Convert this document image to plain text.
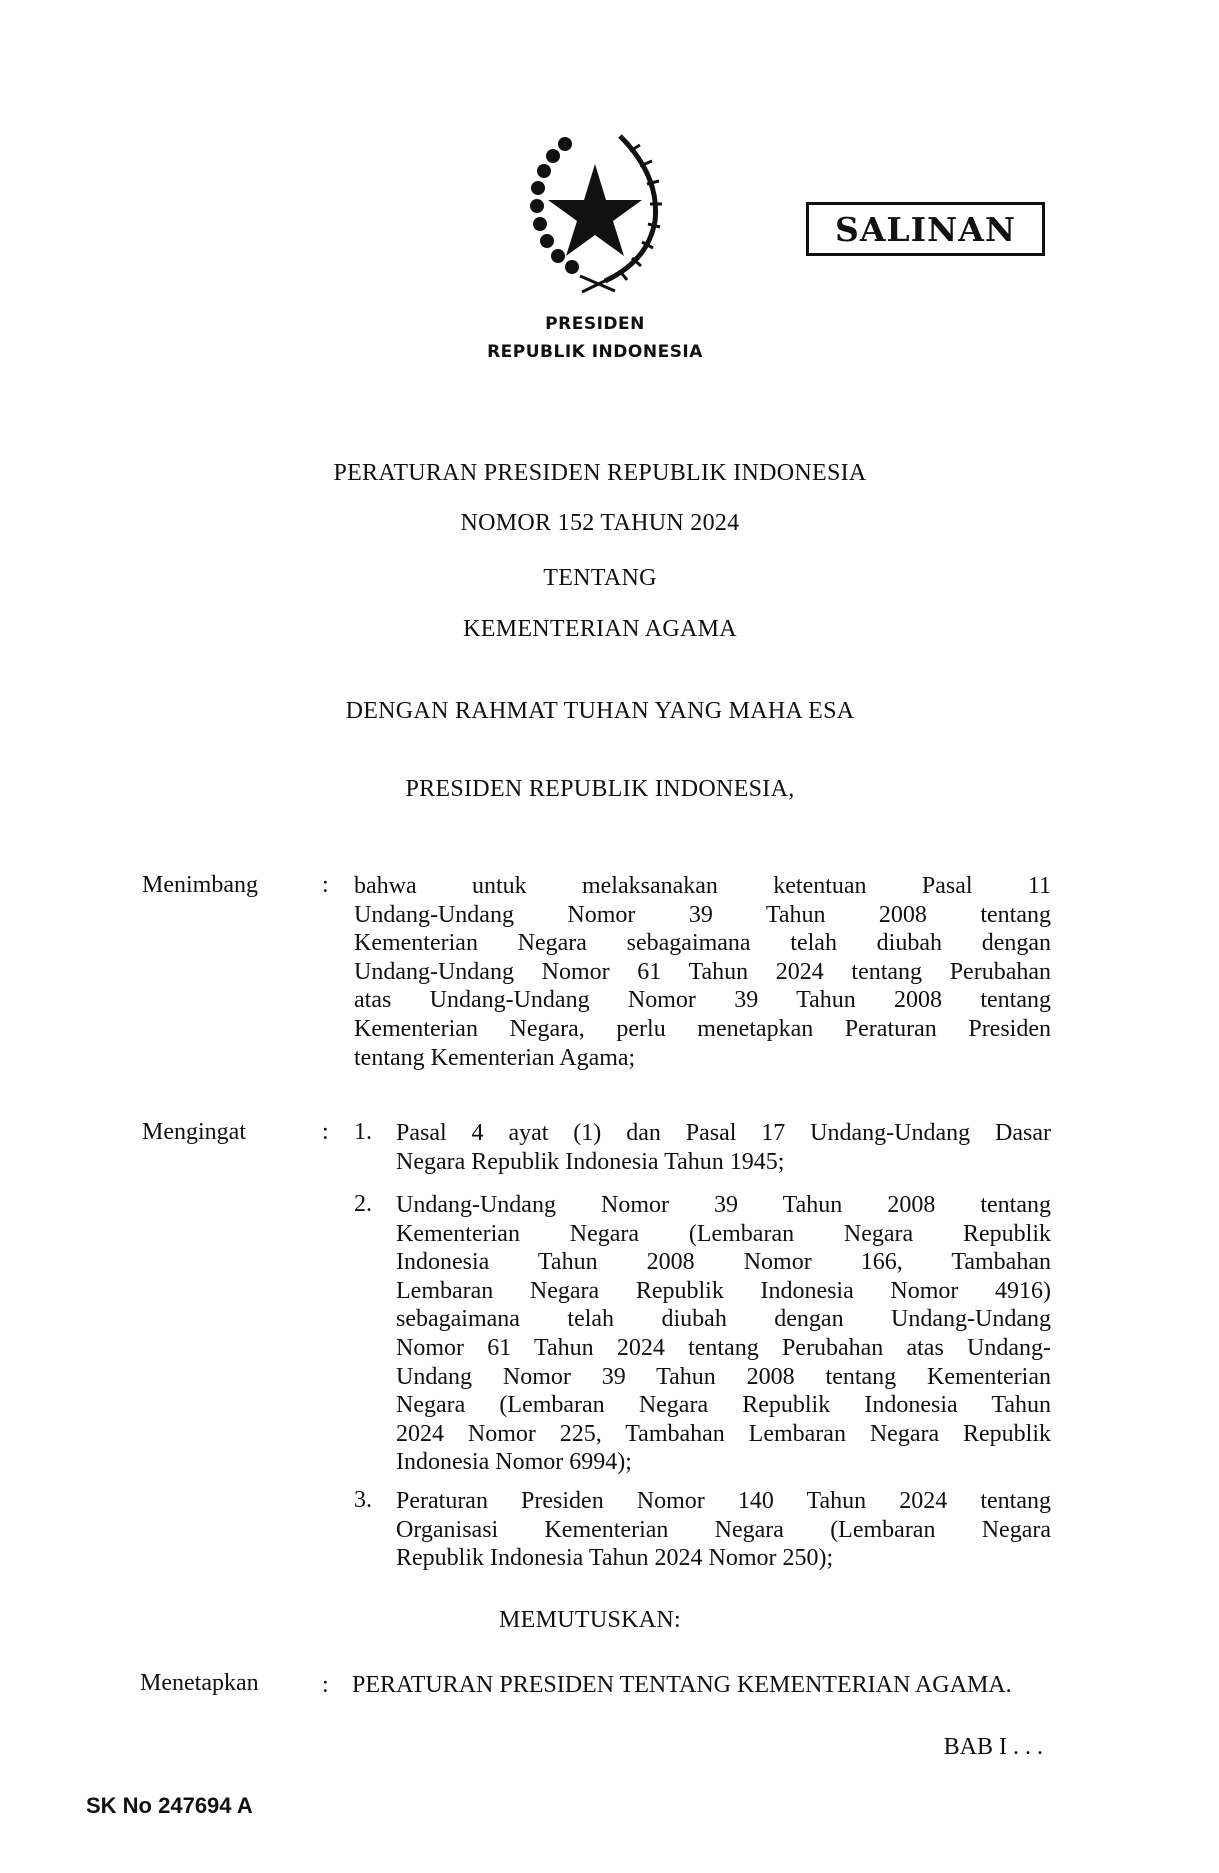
SALINAN
PRESIDEN
REPUBLIK INDONESIA
PERATURAN PRESIDEN REPUBLIK INDONESIA
NOMOR 152 TAHUN 2024
TENTANG
KEMENTERIAN AGAMA
DENGAN RAHMAT TUHAN YANG MAHA ESA
PRESIDEN REPUBLIK INDONESIA,
Menimbang	: bahwa untuk melaksanakan ketentuan Pasal 11
Undang-Undang Nomor 39 Tahun 2008 tentang
Kementerian Negara sebagaimana telah diubah dengan
Undang-Undang Nomor 61 Tahun 2024 tentang Perubahan
atas Undang-Undang Nomor 39 Tahun 2008 tentang
Kementerian Negara, perlu menetapkan Peraturan Presiden
tentang Kementerian Agama;
Mengingat	: 1. Pasal 4 ayat (1) dan Pasal 17 Undang-Undang Dasar
Negara Republik Indonesia Tahun 1945;
2. Undang-Undang Nomor 39 Tahun 2008 tentang
Kementerian Negara (Lembaran Negara Republik
Indonesia Tahun 2008 Nomor 166, Tambahan
Lembaran Negara Republik Indonesia Nomor 4916)
sebagaimana telah diubah dengan Undang-Undang
Nomor 61 Tahun 2024 tentang Perubahan atas Undang-
Undang Nomor 39 Tahun 2008 tentang Kementerian
Negara (Lembaran Negara Republik Indonesia Tahun
2024 Nomor 225, Tambahan Lembaran Negara Republik
Indonesia Nomor 6994);
3. Peraturan Presiden Nomor 140 Tahun 2024 tentang
Organisasi Kementerian Negara (Lembaran Negara
Republik Indonesia Tahun 2024 Nomor 250);
MEMUTUSKAN:
Menetapkan	: PERATURAN PRESIDEN TENTANG KEMENTERIAN AGAMA.
BAB I . . .
SK No 247694 A
